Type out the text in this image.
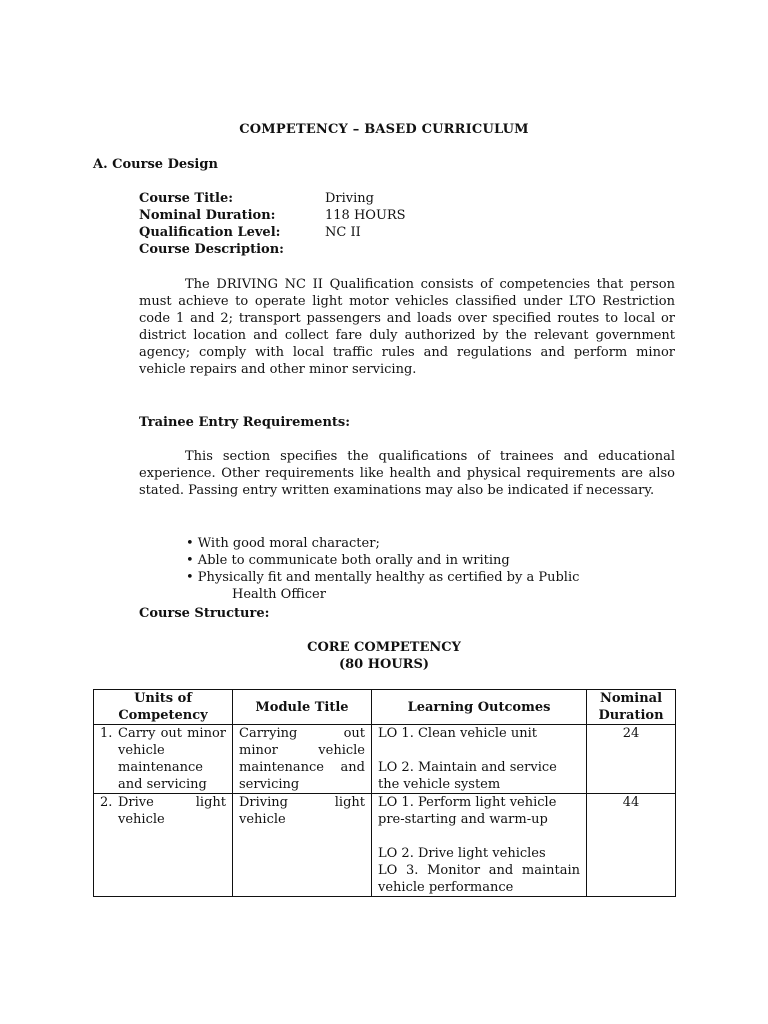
COMPETENCY – BASED CURRICULUM
A. Course Design
Course Title:	Driving
Nominal Duration:	118 HOURS
Qualification Level:	NC II
Course Description:
The DRIVING NC II Qualification consists of competencies that person must achieve to operate light motor vehicles classified under LTO Restriction code 1 and 2; transport passengers and loads over specified routes to local or district location and collect fare duly authorized by the relevant government agency; comply with local traffic rules and regulations and perform minor vehicle repairs and other minor servicing.
Trainee Entry Requirements:
This section specifies the qualifications of trainees and educational experience. Other requirements like health and physical requirements are also stated. Passing entry written examinations may also be indicated if necessary.
• With good moral character;
• Able to communicate both orally and in writing
• Physically fit and mentally healthy as certified by a Public
Health Officer
Course Structure:
CORE COMPETENCY
(80 HOURS)
Units of Competency	Module Title	Learning Outcomes	Nominal Duration

1. Carry out minor vehicle maintenance and servicing	Carrying out minor vehicle maintenance and servicing	LO 1. Clean vehicle unit
LO 2. Maintain and service the vehicle system	24

2. Drive light vehicle	Driving light vehicle	LO 1. Perform light vehicle pre-starting and warm-up
LO 2. Drive light vehicles
LO 3. Monitor and maintain vehicle performance	44
